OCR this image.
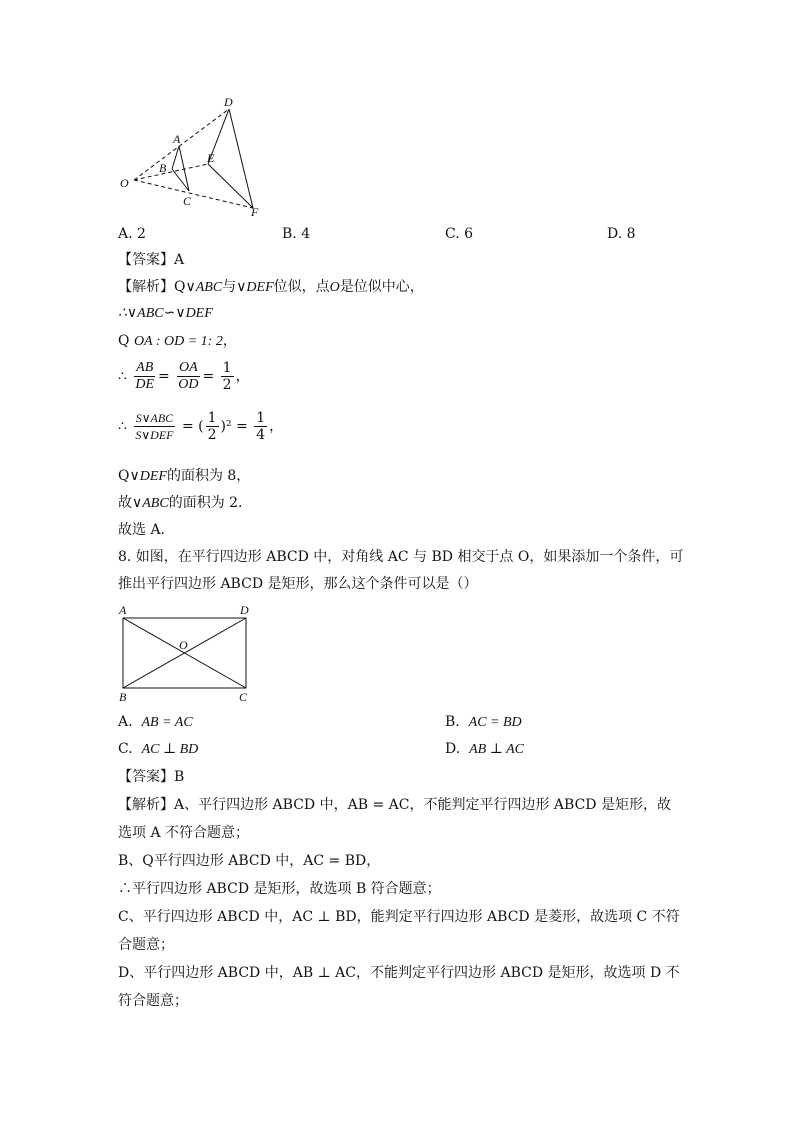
D
A
E
B
O
C
F
A. 2	B. 4	C. 6	D. 8
【答案】A
【解析】Q∨ABC与∨DEF位似，点O是位似中心，
∴∨ABC∽∨DEF
Q OA : OD = 1: 2，
∴ $\frac{AB}{DE} = \frac{OA}{OD} = \frac{1}{2}$ ，
∴ $\frac{\text{S∨ABC}}{\text{S∨DEF}}$ = ( $\frac{1}{2} )^2 = \frac{1}{4}$ ，
Q∨DEF的面积为 8，
故∨ABC的面积为 2．
故选 A．
8. 如图，在平行四边形 ABCD 中，对角线 AC 与 BD 相交于点 O，如果添加一个条件，可
推出平行四边形 ABCD 是矩形，那么这个条件可以是（）
A	D
O
B	C
A. AB = AC	B. AC = BD
C. AC ⊥ BD	D. AB ⊥ AC
【答案】B
【解析】A、平行四边形 ABCD 中，AB = AC，不能判定平行四边形 ABCD 是矩形，故
选项 A 不符合题意；
B、Q平行四边形 ABCD 中，AC = BD，
∴平行四边形 ABCD 是矩形，故选项 B 符合题意；
C、平行四边形 ABCD 中，AC ⊥ BD，能判定平行四边形 ABCD 是菱形，故选项 C 不符
合题意；
D、平行四边形 ABCD 中，AB ⊥ AC，不能判定平行四边形 ABCD 是矩形，故选项 D 不
符合题意；
